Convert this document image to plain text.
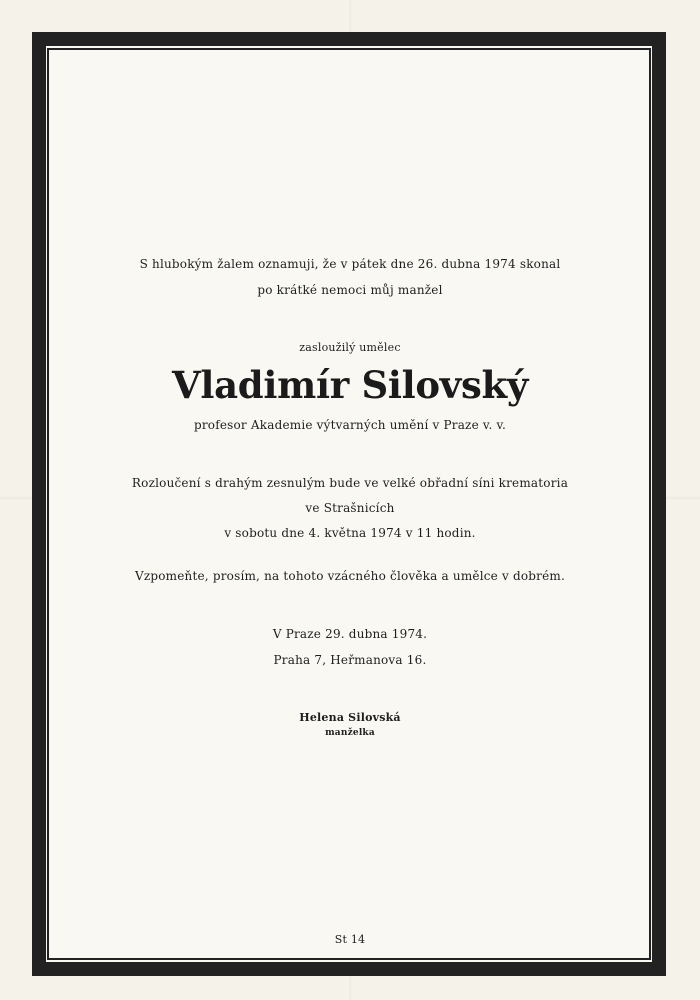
S hlubokým žalem oznamuji, že v pátek dne 26. dubna 1974 skonal
po krátké nemoci můj manžel
zasloužilý umělec
Vladimír Silovský
profesor Akademie výtvarných umění v Praze v. v.
Rozloučení s drahým zesnulým bude ve velké obřadní síni krematoria
ve Strašnicích
v sobotu dne 4. května 1974 v 11 hodin.
Vzpomeňte, prosím, na tohoto vzácného člověka a umělce v dobrém.
V Praze 29. dubna 1974.
Praha 7, Heřmanova 16.
Helena Silovská
manželka
St 14
